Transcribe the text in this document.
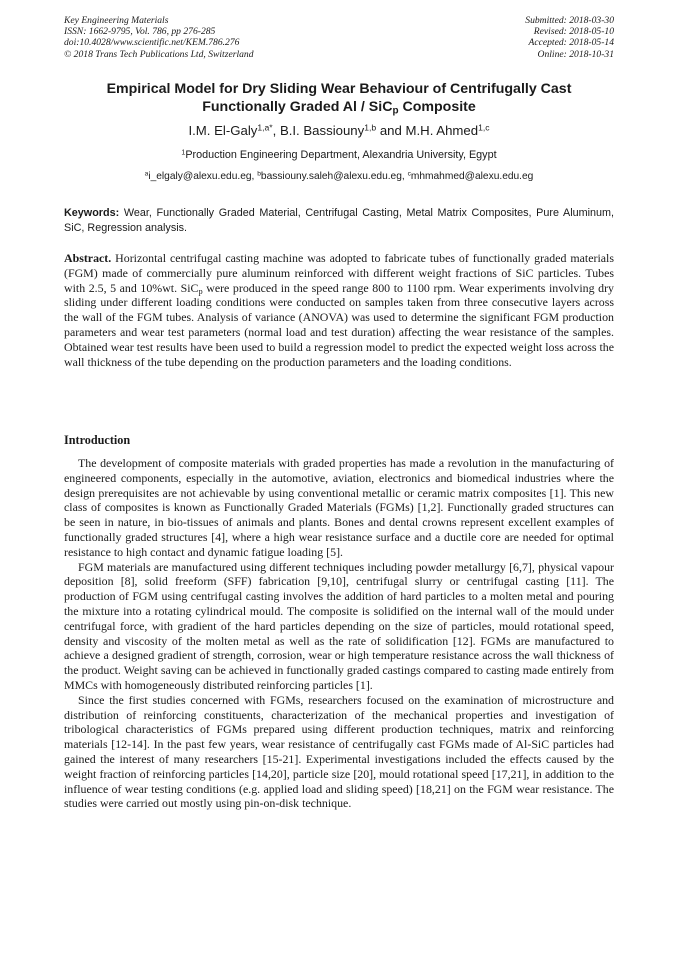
Key Engineering Materials
ISSN: 1662-9795, Vol. 786, pp 276-285
doi:10.4028/www.scientific.net/KEM.786.276
© 2018 Trans Tech Publications Ltd, Switzerland
Submitted: 2018-03-30
Revised: 2018-05-10
Accepted: 2018-05-14
Online: 2018-10-31
Empirical Model for Dry Sliding Wear Behaviour of Centrifugally Cast
Functionally Graded Al / SiC$_p$ Composite
I.M. El-Galy$^{1,a*}$, B.I. Bassiouny$^{1,b}$ and M.H. Ahmed$^{1,c}$
$^1$Production Engineering Department, Alexandria University, Egypt
$^a$i_elgaly@alexu.edu.eg, $^b$bassiouny.saleh@alexu.edu.eg, $^c$mhmahmed@alexu.edu.eg
Keywords: Wear, Functionally Graded Material, Centrifugal Casting, Metal Matrix Composites, Pure Aluminum, SiC, Regression analysis.
Abstract. Horizontal centrifugal casting machine was adopted to fabricate tubes of functionally graded materials (FGM) made of commercially pure aluminum reinforced with different weight fractions of SiC particles. Tubes with 2.5, 5 and 10%wt. SiC$_p$ were produced in the speed range 800 to 1100 rpm. Wear experiments involving dry sliding under different loading conditions were conducted on samples taken from three consecutive layers across the wall of the FGM tubes. Analysis of variance (ANOVA) was used to determine the significant FGM production parameters and wear test parameters (normal load and test duration) affecting the wear resistance of the samples. Obtained wear test results have been used to build a regression model to predict the expected weight loss across the wall thickness of the tube depending on the production parameters and the loading conditions.
Introduction

The development of composite materials with graded properties has made a revolution in the manufacturing of engineered components, especially in the automotive, aviation, electronics and biomedical industries where the design prerequisites are not achievable by using conventional metallic or ceramic matrix composites [1]. This new class of composites is known as Functionally Graded Materials (FGMs) [1,2]. Functionally graded structures can be seen in nature, in bio-tissues of animals and plants. Bones and dental crowns represent excellent examples of functionally graded structures [4], where a high wear resistance surface and a ductile core are needed for optimal resistance to high contact and dynamic fatigue loading [5].

FGM materials are manufactured using different techniques including powder metallurgy [6,7], physical vapour deposition [8], solid freeform (SFF) fabrication [9,10], centrifugal slurry or centrifugal casting [11]. The production of FGM using centrifugal casting involves the addition of hard particles to a molten metal and pouring the mixture into a rotating cylindrical mould. The composite is solidified on the internal wall of the mould under centrifugal force, with gradient of the hard particles depending on the size of particles, mould rotational speed, density and viscosity of the molten metal as well as the rate of solidification [12]. FGMs are manufactured to achieve a designed gradient of strength, corrosion, wear or high temperature resistance across the wall thickness of the product. Weight saving can be achieved in functionally graded castings compared to casting made entirely from MMCs with homogeneously distributed reinforcing particles [1].

Since the first studies concerned with FGMs, researchers focused on the examination of microstructure and distribution of reinforcing constituents, characterization of the mechanical properties and investigation of tribological characteristics of FGMs prepared using different production techniques, matrix and reinforcing materials [12-14]. In the past few years, wear resistance of centrifugally cast FGMs made of Al-SiC particles had gained the interest of many researchers [15-21]. Experimental investigations included the effects caused by the weight fraction of reinforcing particles [14,20], particle size [20], mould rotational speed [17,21], in addition to the influence of wear testing conditions (e.g. applied load and sliding speed) [18,21] on the FGM wear resistance. The studies were carried out mostly using pin-on-disk technique.
